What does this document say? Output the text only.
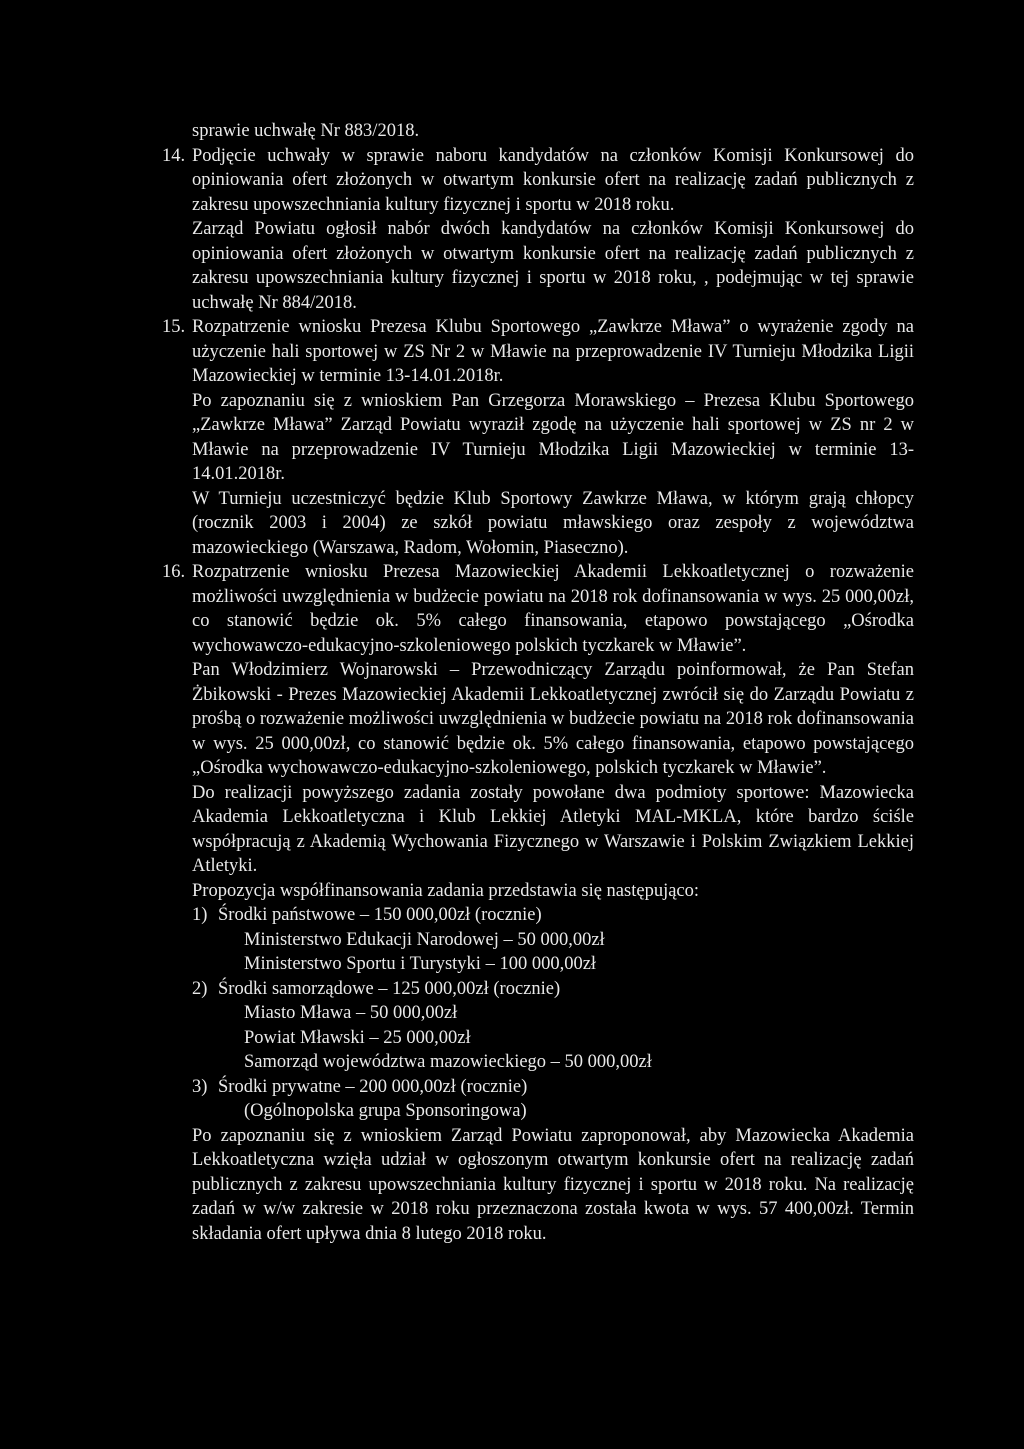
sprawie uchwałę Nr 883/2018.

14. Podjęcie uchwały w sprawie naboru kandydatów na członków Komisji Konkursowej do opiniowania ofert złożonych w otwartym konkursie ofert na realizację zadań publicznych z zakresu upowszechniania kultury fizycznej i sportu w 2018 roku.

Zarząd Powiatu ogłosił nabór dwóch kandydatów na członków Komisji Konkursowej do opiniowania ofert złożonych w otwartym konkursie ofert na realizację zadań publicznych z zakresu upowszechniania kultury fizycznej i sportu w 2018 roku, , podejmując w tej sprawie uchwałę Nr 884/2018.

15. Rozpatrzenie wniosku Prezesa Klubu Sportowego „Zawkrze Mława” o wyrażenie zgody na użyczenie hali sportowej w ZS Nr 2 w Mławie na przeprowadzenie IV Turnieju Młodzika Ligii Mazowieckiej w terminie 13-14.01.2018r.

Po zapoznaniu się z wnioskiem Pan Grzegorza Morawskiego – Prezesa Klubu Sportowego „Zawkrze Mława” Zarząd Powiatu wyraził zgodę na użyczenie hali sportowej w ZS nr 2 w Mławie na przeprowadzenie IV Turnieju Młodzika Ligii Mazowieckiej w terminie 13-14.01.2018r.

W Turnieju uczestniczyć będzie Klub Sportowy Zawkrze Mława, w którym grają chłopcy (rocznik 2003 i 2004) ze szkół powiatu mławskiego oraz zespoły z województwa mazowieckiego (Warszawa, Radom, Wołomin, Piaseczno).

16. Rozpatrzenie wniosku Prezesa Mazowieckiej Akademii Lekkoatletycznej o rozważenie możliwości uwzględnienia w budżecie powiatu na 2018 rok dofinansowania w wys. 25 000,00zł, co stanowić będzie ok. 5% całego finansowania, etapowo powstającego „Ośrodka wychowawczo-edukacyjno-szkoleniowego polskich tyczkarek w Mławie”.

Pan Włodzimierz Wojnarowski – Przewodniczący Zarządu poinformował, że Pan Stefan Żbikowski - Prezes Mazowieckiej Akademii Lekkoatletycznej zwrócił się do Zarządu Powiatu z prośbą o rozważenie możliwości uwzględnienia w budżecie powiatu na 2018 rok dofinansowania w wys. 25 000,00zł, co stanowić będzie ok. 5% całego finansowania, etapowo powstającego „Ośrodka wychowawczo-edukacyjno-szkoleniowego, polskich tyczkarek w Mławie”.

Do realizacji powyższego zadania zostały powołane dwa podmioty sportowe: Mazowiecka Akademia Lekkoatletyczna i Klub Lekkiej Atletyki MAL-MKLA, które bardzo ściśle współpracują z Akademią Wychowania Fizycznego w Warszawie i Polskim Związkiem Lekkiej Atletyki.

Propozycja współfinansowania zadania przedstawia się następująco:

1) Środki państwowe – 150 000,00zł (rocznie)
Ministerstwo Edukacji Narodowej – 50 000,00zł
Ministerstwo Sportu i Turystyki – 100 000,00zł
2) Środki samorządowe – 125 000,00zł (rocznie)
Miasto Mława – 50 000,00zł
Powiat Mławski – 25 000,00zł
Samorząd województwa mazowieckiego – 50 000,00zł
3) Środki prywatne – 200 000,00zł (rocznie)
(Ogólnopolska grupa Sponsoringowa)

Po zapoznaniu się z wnioskiem Zarząd Powiatu zaproponował, aby Mazowiecka Akademia Lekkoatletyczna wzięła udział w ogłoszonym otwartym konkursie ofert na realizację zadań publicznych z zakresu upowszechniania kultury fizycznej i sportu w 2018 roku. Na realizację zadań w w/w zakresie w 2018 roku przeznaczona została kwota w wys. 57 400,00zł. Termin składania ofert upływa dnia 8 lutego 2018 roku.
